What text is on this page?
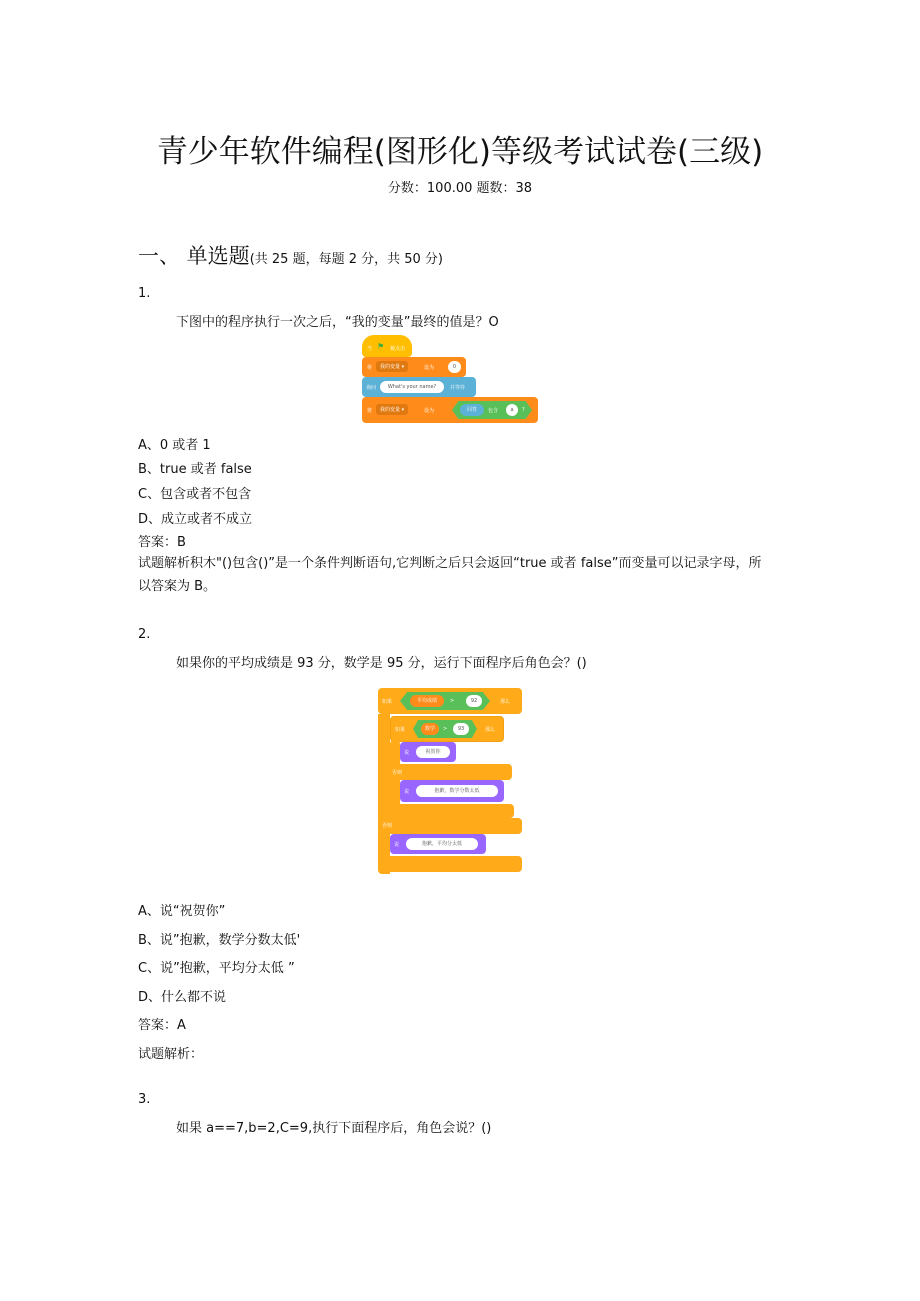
青少年软件编程(图形化)等级考试试卷(三级)
分数：100.00 题数：38
一、 单选题(共 25 题，每题 2 分，共 50 分)
1.
下图中的程序执行一次之后，“我的变量”最终的值是？O
当 ⚑ 被点击
将	我的变量 ▾	设为	0
询问	What's your name?	并等待
将	我的变量 ▾	设为	回答	包含	a	?
A、0 或者 1
B、true 或者 false
C、包含或者不包含
D、成立或者不成立
答案：B
试题解析积木"()包含()”是一个条件判断语句,它判断之后只会返回“true 或者 false”而变量可以记录字母，所以答案为 B。
2.
如果你的平均成绩是 93 分，数学是 95 分，运行下面程序后角色会？()
如果	平均成绩	>	92	那么
如果	数学	>	93	那么
说	祝贺你
否则
说	抱歉，数学分数太低
否则
说	抱歉，平均分太低
A、说“祝贺你”
B、说”抱歉，数学分数太低'
C、说”抱歉，平均分太低 ”
D、什么都不说
答案：A
试题解析：
3.
如果 a==7,b=2,C=9,执行下面程序后，角色会说？()
